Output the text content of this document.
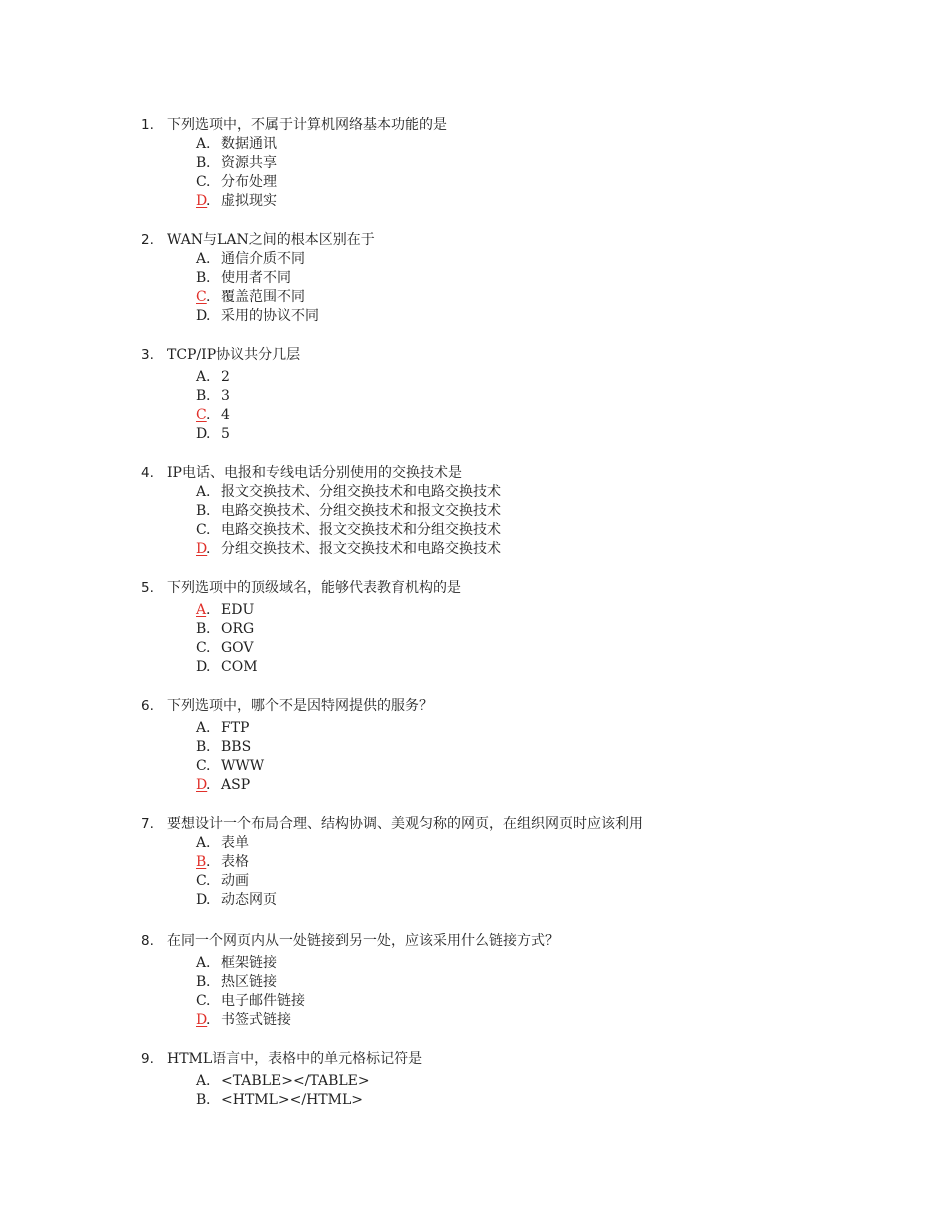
1. 下列选项中，不属于计算机网络基本功能的是
A . 数据通讯
B . 资源共享
C . 分布处理
D
. 虚拟现实
2. WAN与LAN之间的根本区别在于
A . 通信介质不同
B . 使用者不同
C . 覆盖范围不同
D
. 采用的协议不同
3. TCP/IP协议共分几层
A . 2
B . 3
C . 4
D
. 5
4. IP电话、电报和专线电话分别使用的交换技术是
A . 报文交换技术、分组交换技术和电路交换技术
B . 电路交换技术、分组交换技术和报文交换技术
C . 电路交换技术、报文交换技术和分组交换技术
D
. 分组交换技术、报文交换技术和电路交换技术
5. 下列选项中的顶级域名，能够代表教育机构的是
A . EDU
B . ORG
C . GOV
D
. COM
6. 下列选项中，哪个不是因特网提供的服务？
A . FTP
B . BBS
C . WWW
D
. ASP
7. 要想设计一个布局合理、结构协调、美观匀称的网页，在组织网页时应该利用
A . 表单
B . 表格
C . 动画
D
. 动态网页
8. 在同一个网页内从一处链接到另一处，应该采用什么链接方式？
A . 框架链接
B . 热区链接
C . 电子邮件链接
D
. 书签式链接
9. HTML语言中，表格中的单元格标记符是
A . <TABLE></TABLE>
B . <HTML></HTML>
